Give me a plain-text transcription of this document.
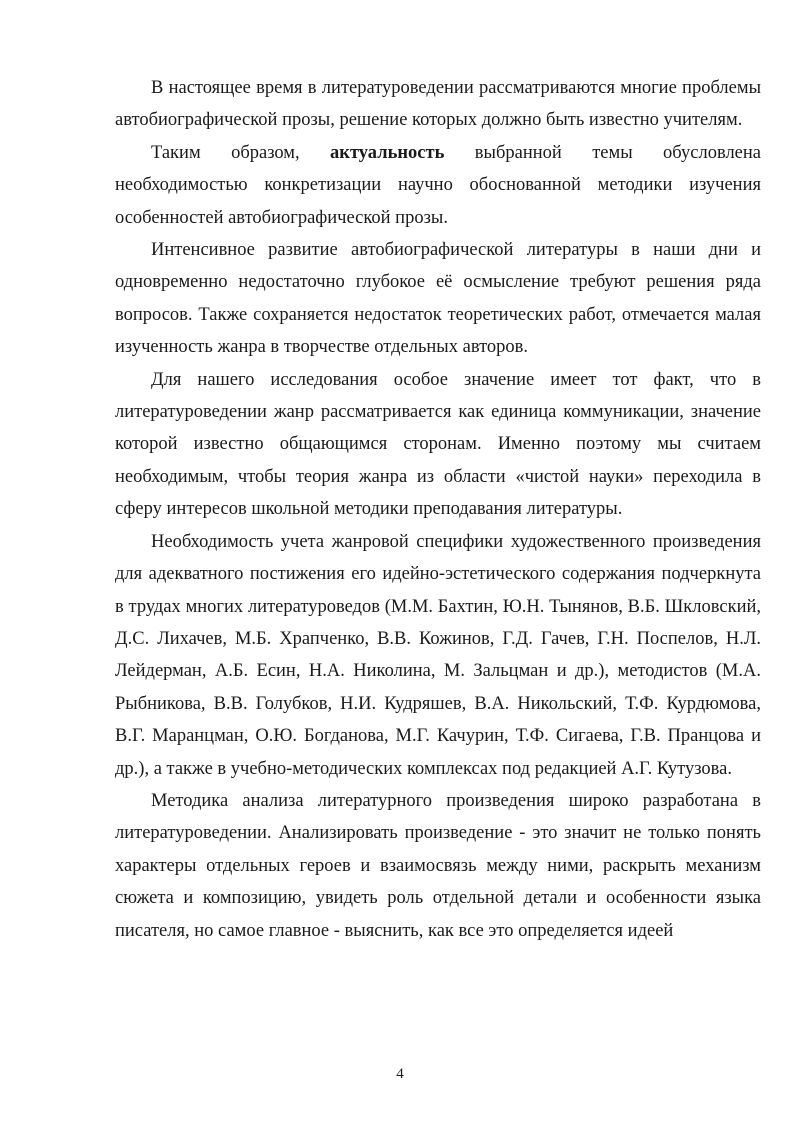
В настоящее время в литературоведении рассматриваются многие проблемы автобиографической прозы, решение которых должно быть известно учителям.

Таким образом, актуальность выбранной темы обусловлена необходимостью конкретизации научно обоснованной методики изучения особенностей автобиографической прозы.

Интенсивное развитие автобиографической литературы в наши дни и одновременно недостаточно глубокое её осмысление требуют решения ряда вопросов. Также сохраняется недостаток теоретических работ, отмечается малая изученность жанра в творчестве отдельных авторов.

Для нашего исследования особое значение имеет тот факт, что в литературоведении жанр рассматривается как единица коммуникации, значение которой известно общающимся сторонам. Именно поэтому мы считаем необходимым, чтобы теория жанра из области «чистой науки» переходила в сферу интересов школьной методики преподавания литературы.

Необходимость учета жанровой специфики художественного произведения для адекватного постижения его идейно-эстетического содержания подчеркнута в трудах многих литературоведов (М.М. Бахтин, Ю.Н. Тынянов, В.Б. Шкловский, Д.С. Лихачев, М.Б. Храпченко, В.В. Кожинов, Г.Д. Гачев, Г.Н. Поспелов, Н.Л. Лейдерман, А.Б. Есин, Н.А. Николина, М. Зальцман и др.), методистов (М.А. Рыбникова, В.В. Голубков, Н.И. Кудряшев, В.А. Никольский, Т.Ф. Курдюмова, В.Г. Маранцман, О.Ю. Богданова, М.Г. Качурин, Т.Ф. Сигаева, Г.В. Пранцова и др.), а также в учебно-методических комплексах под редакцией А.Г. Кутузова.

Методика анализа литературного произведения широко разработана в литературоведении. Анализировать произведение - это значит не только понять характеры отдельных героев и взаимосвязь между ними, раскрыть механизм сюжета и композицию, увидеть роль отдельной детали и особенности языка писателя, но самое главное - выяснить, как все это определяется идеей

4
